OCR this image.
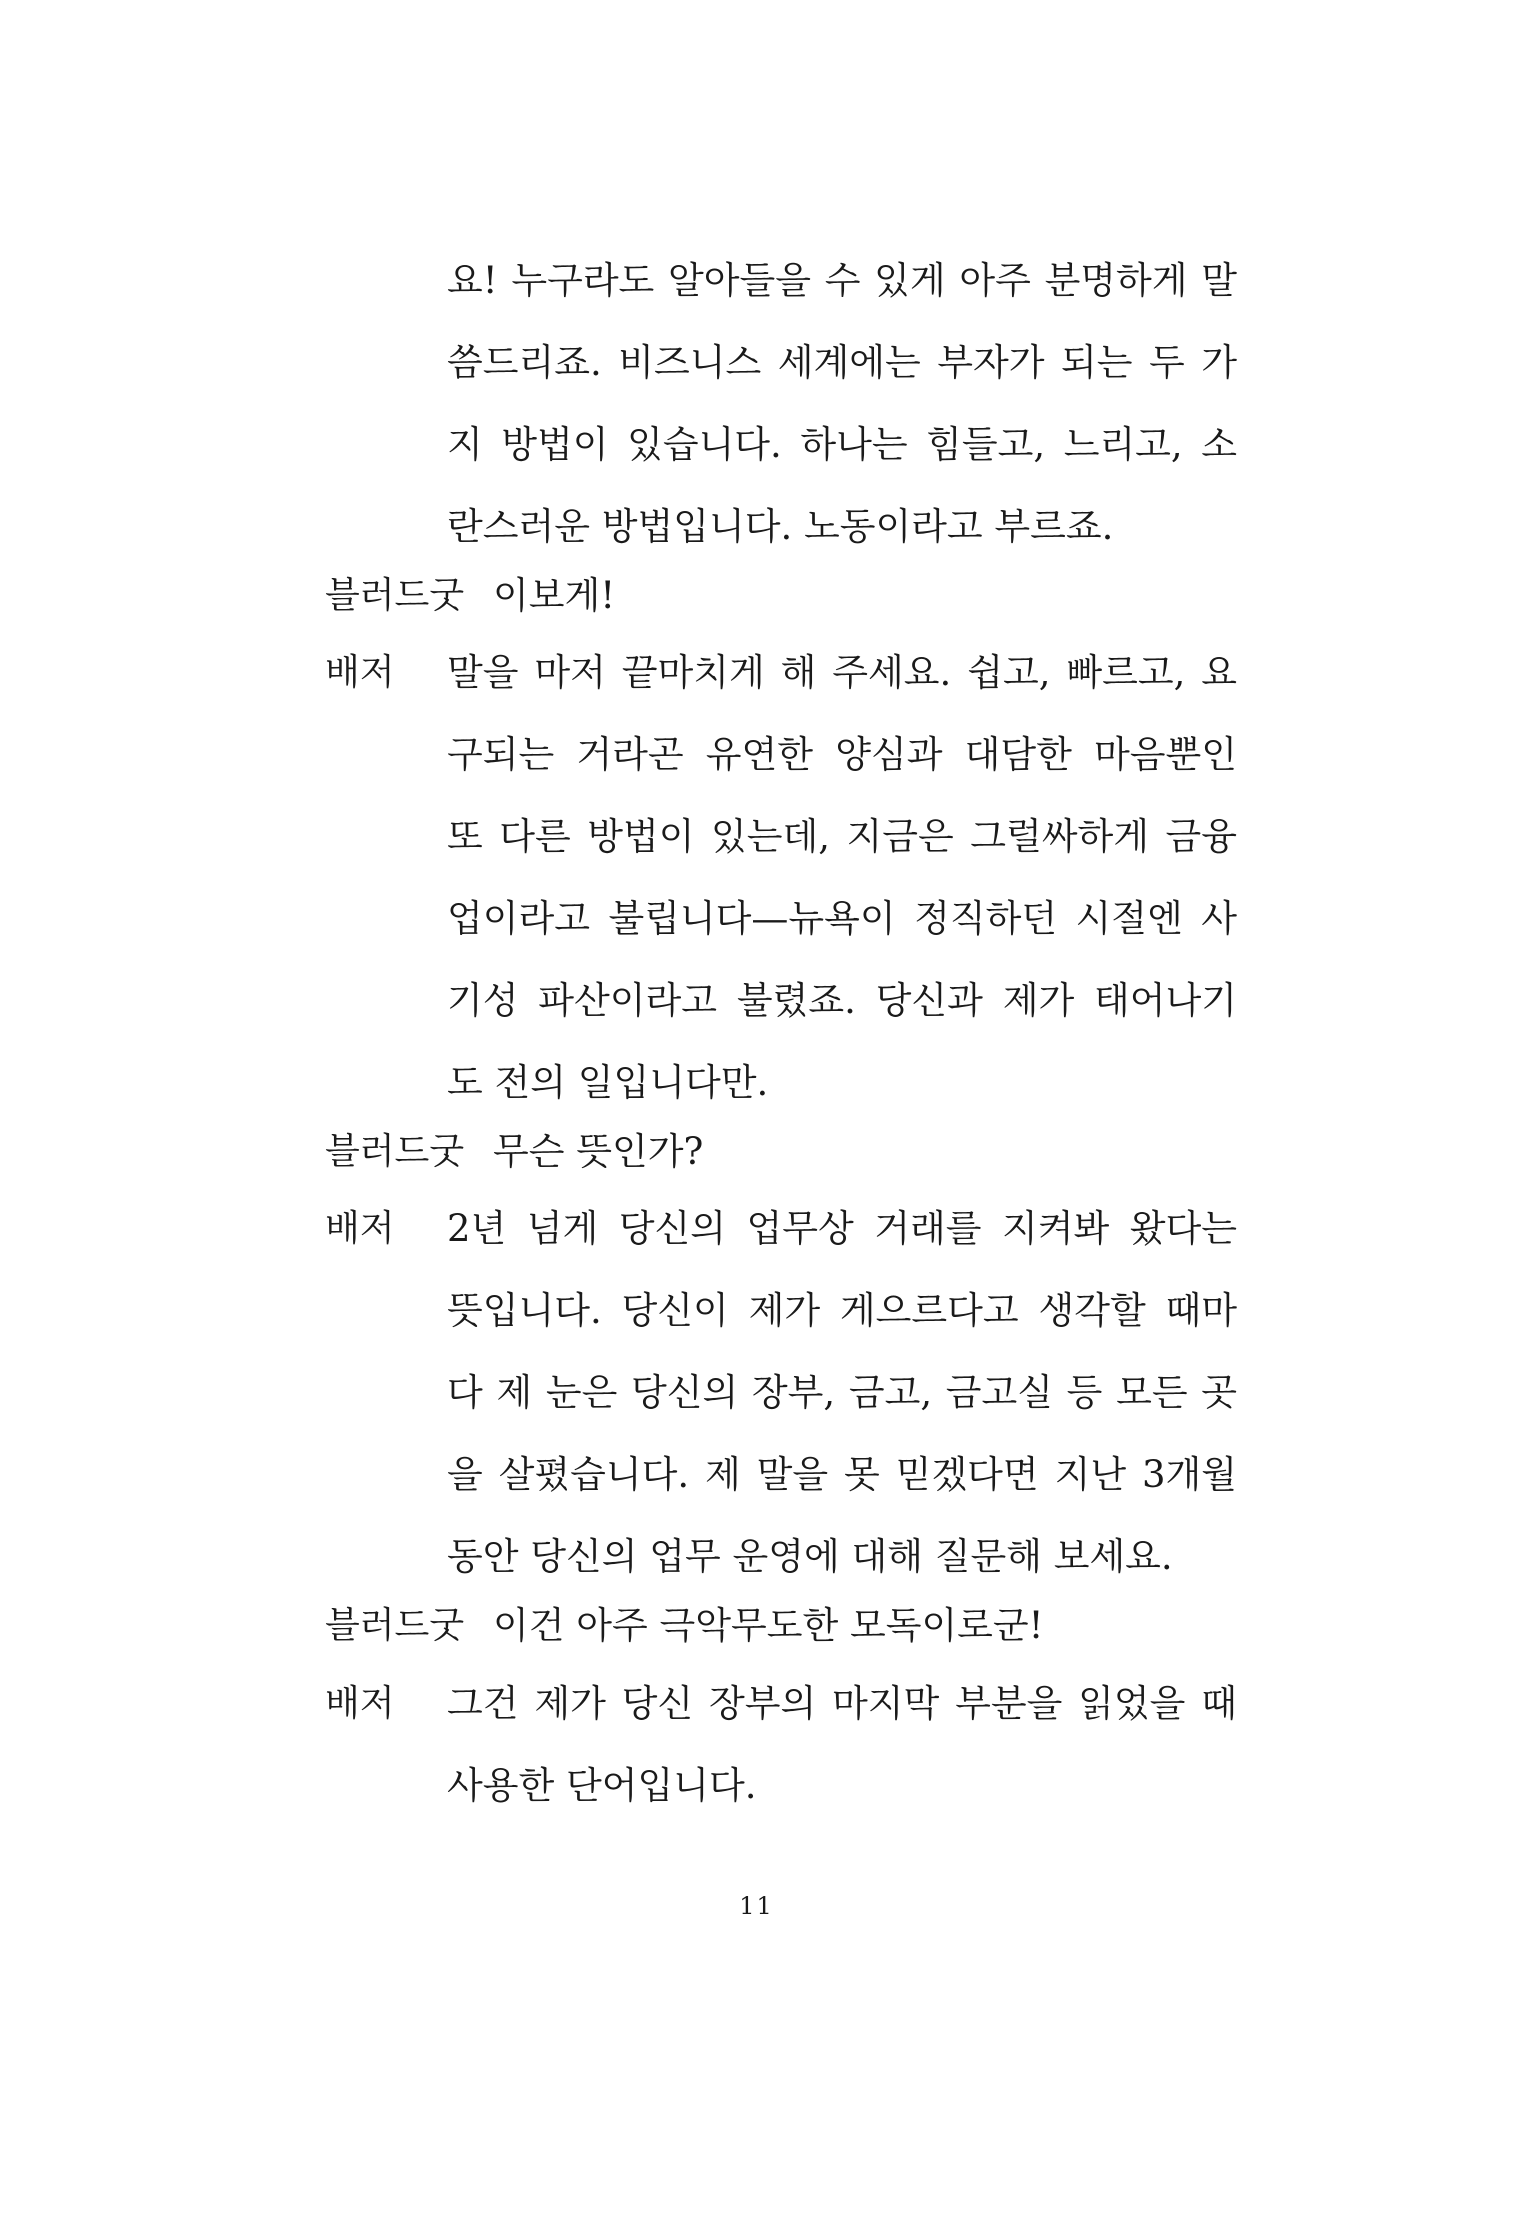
요! 누구라도 알아들을 수 있게 아주 분명하게 말
씀드리죠. 비즈니스 세계에는 부자가 되는 두 가
지 방법이 있습니다. 하나는 힘들고, 느리고, 소
란스러운 방법입니다. 노동이라고 부르죠.
블러드굿 이보게!
배저 말을 마저 끝마치게 해 주세요. 쉽고, 빠르고, 요
구되는 거라곤 유연한 양심과 대담한 마음뿐인
또 다른 방법이 있는데, 지금은 그럴싸하게 금융
업이라고 불립니다—뉴욕이 정직하던 시절엔 사
기성 파산이라고 불렸죠. 당신과 제가 태어나기
도 전의 일입니다만.
블러드굿 무슨 뜻인가?
배저 2년 넘게 당신의 업무상 거래를 지켜봐 왔다는
뜻입니다. 당신이 제가 게으르다고 생각할 때마
다 제 눈은 당신의 장부, 금고, 금고실 등 모든 곳
을 살폈습니다. 제 말을 못 믿겠다면 지난 3개월
동안 당신의 업무 운영에 대해 질문해 보세요.
블러드굿 이건 아주 극악무도한 모독이로군!
배저 그건 제가 당신 장부의 마지막 부분을 읽었을 때
사용한 단어입니다.
11
